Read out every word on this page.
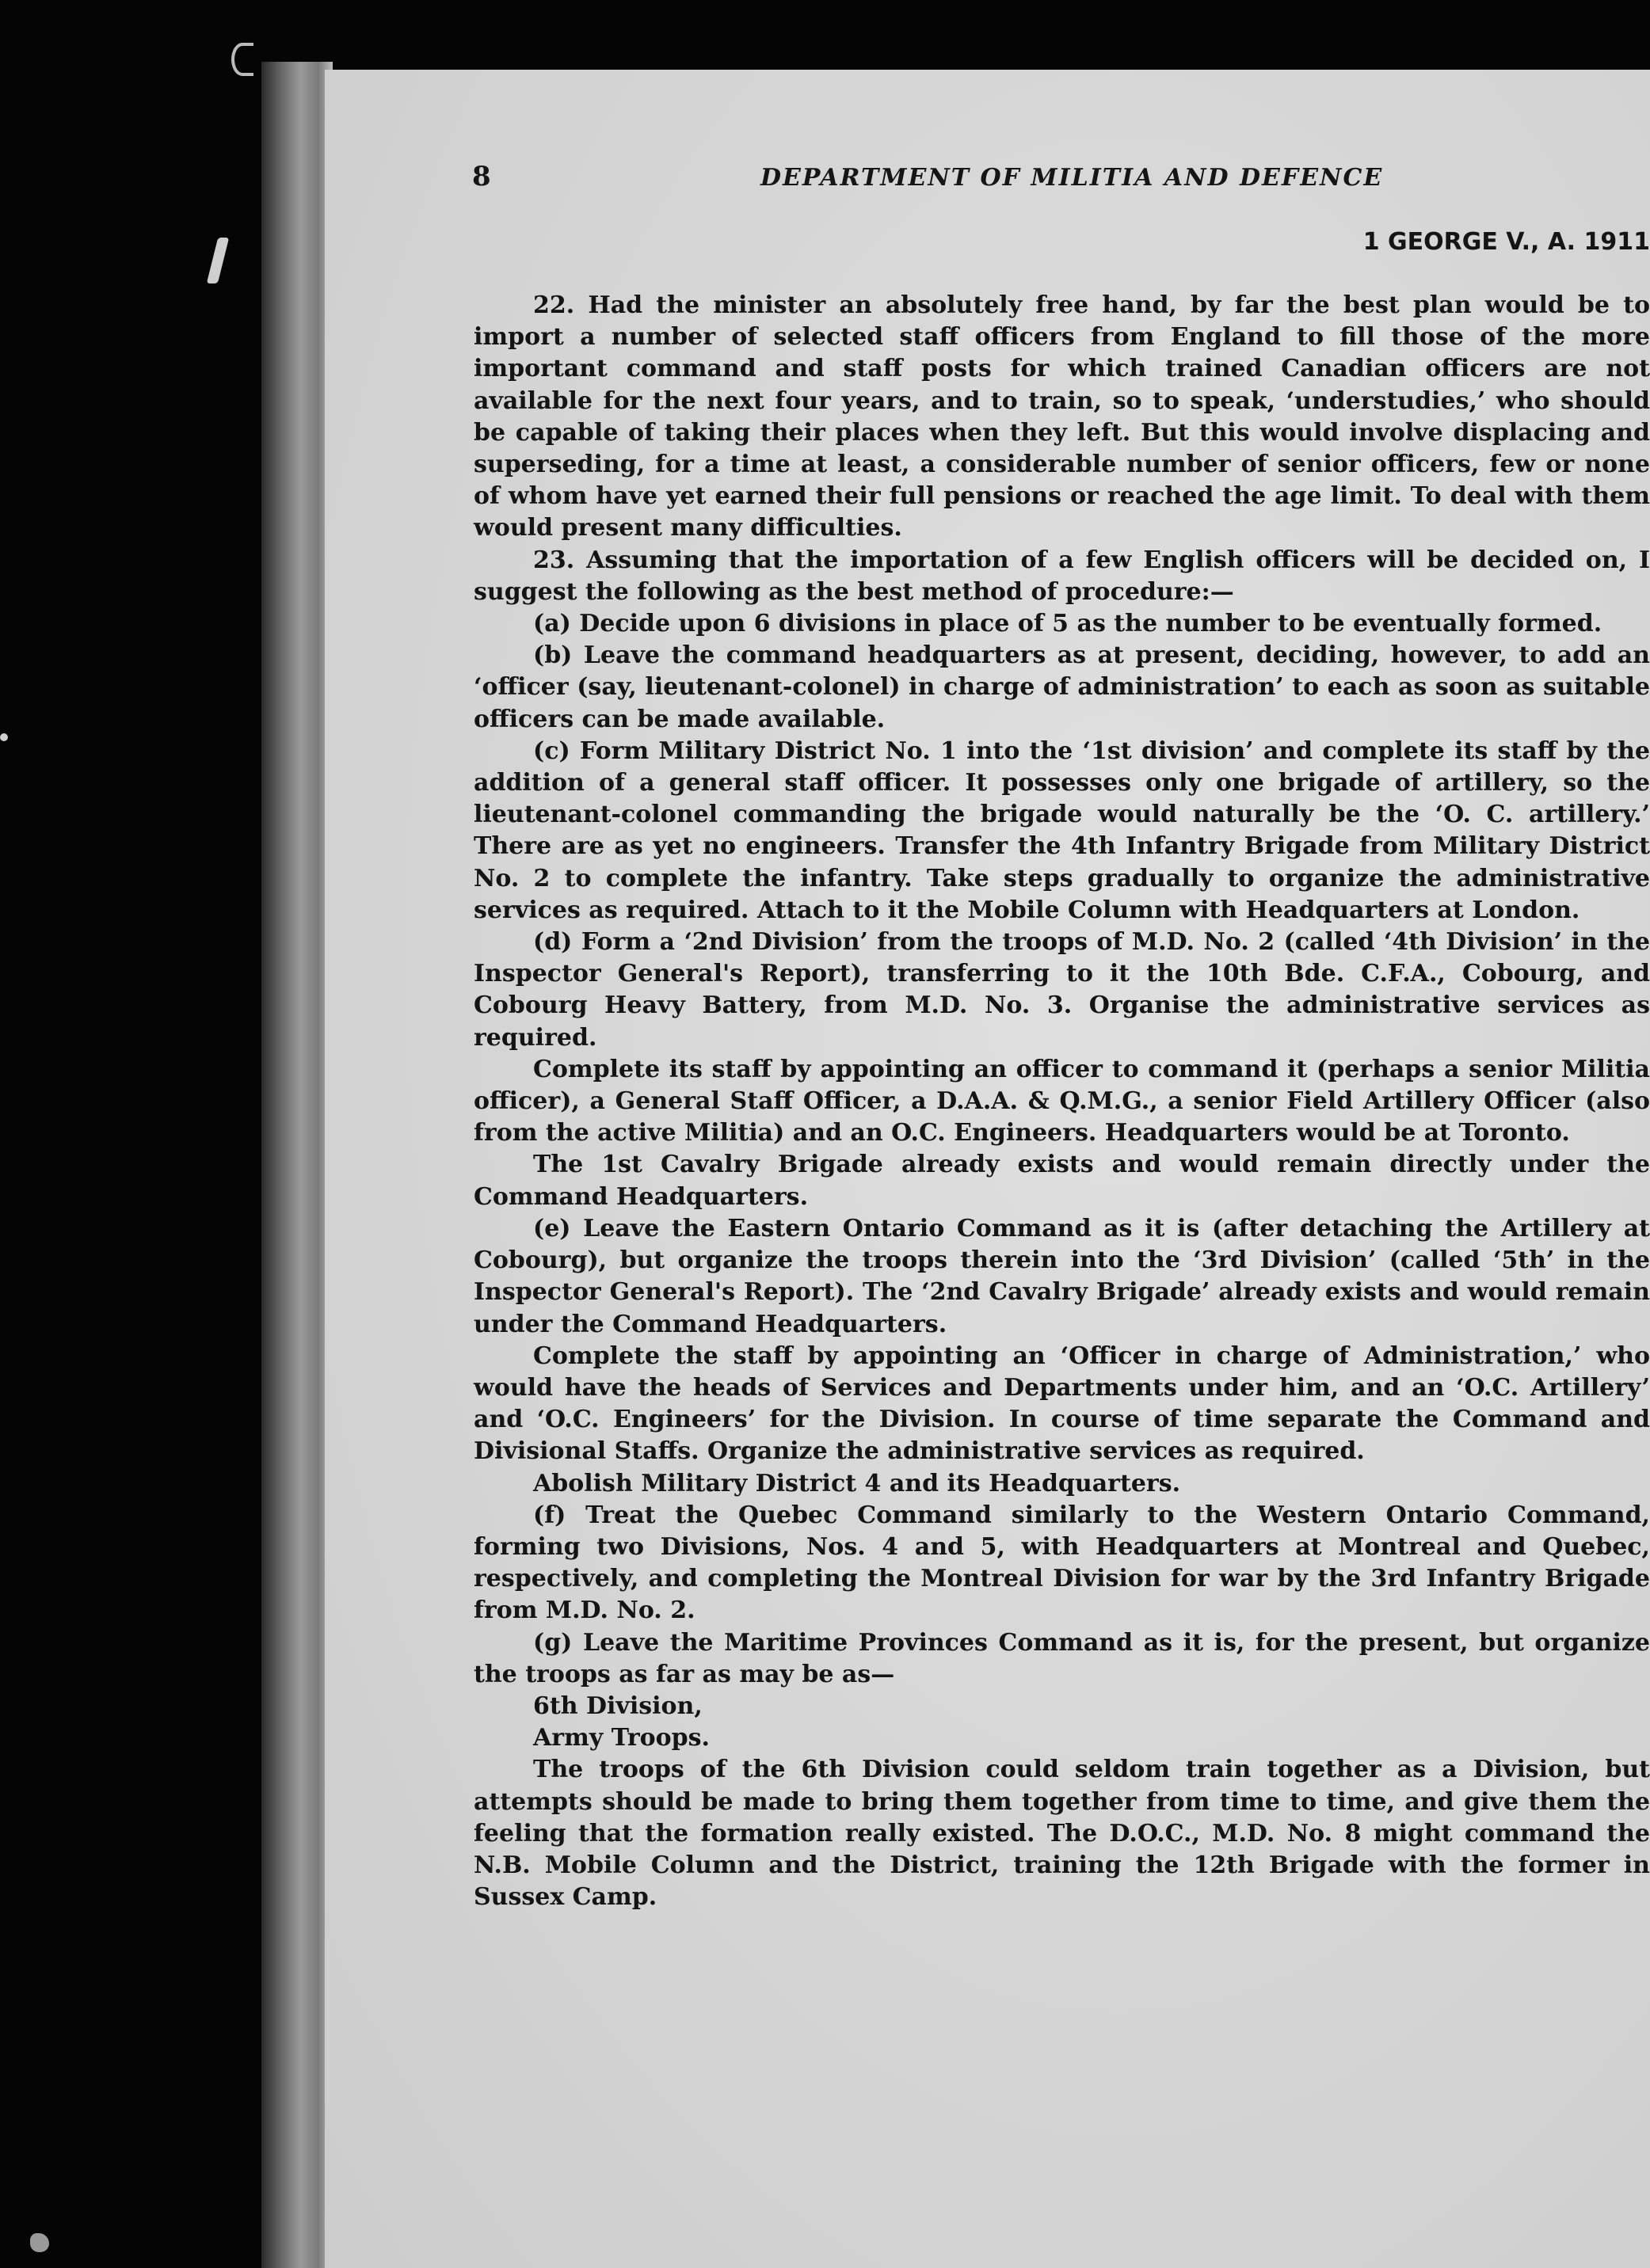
8	DEPARTMENT OF MILITIA AND DEFENCE
1 GEORGE V., A. 1911

22. Had the minister an absolutely free hand, by far the best plan would be to import a number of selected staff officers from England to fill those of the more important command and staff posts for which trained Canadian officers are not available for the next four years, and to train, so to speak, ‘understudies,’ who should be capable of taking their places when they left. But this would involve displacing and superseding, for a time at least, a considerable number of senior officers, few or none of whom have yet earned their full pensions or reached the age limit. To deal with them would present many difficulties.

23. Assuming that the importation of a few English officers will be decided on, I suggest the following as the best method of procedure:—

(a) Decide upon 6 divisions in place of 5 as the number to be eventually formed.

(b) Leave the command headquarters as at present, deciding, however, to add an ‘officer (say, lieutenant-colonel) in charge of administration’ to each as soon as suitable officers can be made available.

(c) Form Military District No. 1 into the ‘1st division’ and complete its staff by the addition of a general staff officer. It possesses only one brigade of artillery, so the lieutenant-colonel commanding the brigade would naturally be the ‘O. C. artillery.’ There are as yet no engineers. Transfer the 4th Infantry Brigade from Military District No. 2 to complete the infantry. Take steps gradually to organize the administrative services as required. Attach to it the Mobile Column with Headquarters at London.

(d) Form a ‘2nd Division’ from the troops of M.D. No. 2 (called ‘4th Division’ in the Inspector General's Report), transferring to it the 10th Bde. C.F.A., Cobourg, and Cobourg Heavy Battery, from M.D. No. 3. Organise the administrative services as required.

Complete its staff by appointing an officer to command it (perhaps a senior Militia officer), a General Staff Officer, a D.A.A. & Q.M.G., a senior Field Artillery Officer (also from the active Militia) and an O.C. Engineers. Headquarters would be at Toronto.

The 1st Cavalry Brigade already exists and would remain directly under the Command Headquarters.

(e) Leave the Eastern Ontario Command as it is (after detaching the Artillery at Cobourg), but organize the troops therein into the ‘3rd Division’ (called ‘5th’ in the Inspector General's Report). The ‘2nd Cavalry Brigade’ already exists and would remain under the Command Headquarters.

Complete the staff by appointing an ‘Officer in charge of Administration,’ who would have the heads of Services and Departments under him, and an ‘O.C. Artillery’ and ‘O.C. Engineers’ for the Division. In course of time separate the Command and Divisional Staffs. Organize the administrative services as required.

Abolish Military District 4 and its Headquarters.

(f) Treat the Quebec Command similarly to the Western Ontario Command, forming two Divisions, Nos. 4 and 5, with Headquarters at Montreal and Quebec, respectively, and completing the Montreal Division for war by the 3rd Infantry Brigade from M.D. No. 2.

(g) Leave the Maritime Provinces Command as it is, for the present, but organize the troops as far as may be as—

6th Division,

Army Troops.

The troops of the 6th Division could seldom train together as a Division, but attempts should be made to bring them together from time to time, and give them the feeling that the formation really existed. The D.O.C., M.D. No. 8 might command the N.B. Mobile Column and the District, training the 12th Brigade with the former in Sussex Camp.
